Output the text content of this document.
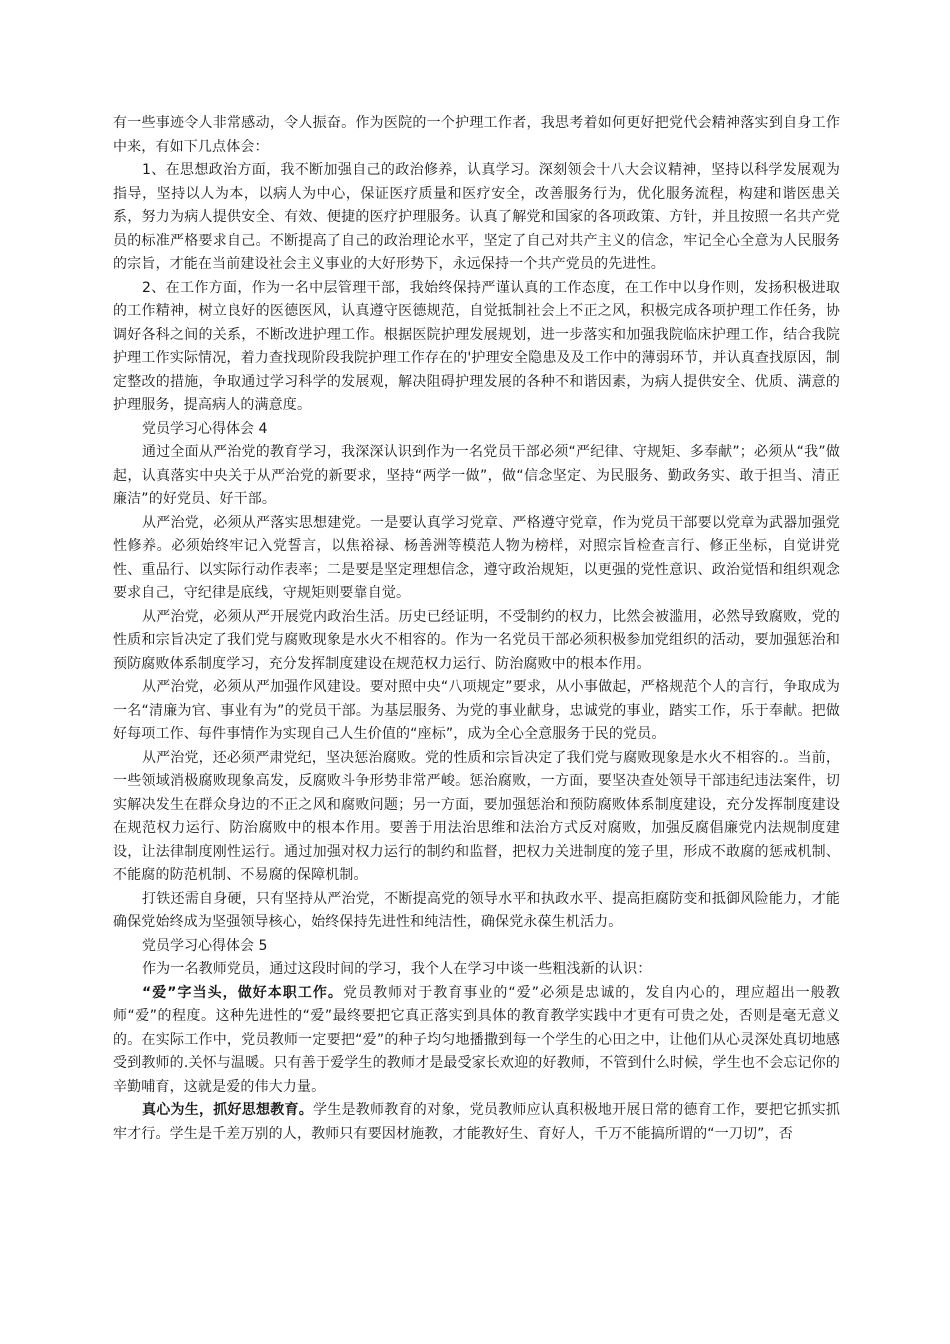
有一些事迹令人非常感动，令人振奋。作为医院的一个护理工作者，我思考着如何更好把党代会精神落实到自身工作中来，有如下几点体会：

1、在思想政治方面，我不断加强自己的政治修养，认真学习。深刻领会十八大会议精神，坚持以科学发展观为指导，坚持以人为本，以病人为中心，保证医疗质量和医疗安全，改善服务行为，优化服务流程，构建和谐医患关系，努力为病人提供安全、有效、便捷的医疗护理服务。认真了解党和国家的各项政策、方针，并且按照一名共产党员的标准严格要求自己。不断提高了自己的政治理论水平，坚定了自己对共产主义的信念，牢记全心全意为人民服务的宗旨，才能在当前建设社会主义事业的大好形势下，永远保持一个共产党员的先进性。

2、在工作方面，作为一名中层管理干部，我始终保持严谨认真的工作态度，在工作中以身作则，发扬积极进取的工作精神，树立良好的医德医风，认真遵守医德规范，自觉抵制社会上不正之风，积极完成各项护理工作任务，协调好各科之间的关系，不断改进护理工作。根据医院护理发展规划，进一步落实和加强我院临床护理工作，结合我院护理工作实际情况，着力查找现阶段我院护理工作存在的'护理安全隐患及及工作中的薄弱环节，并认真查找原因，制定整改的措施，争取通过学习科学的发展观，解决阻碍护理发展的各种不和谐因素，为病人提供安全、优质、满意的护理服务，提高病人的满意度。

党员学习心得体会 4

通过全面从严治党的教育学习，我深深认识到作为一名党员干部必须“严纪律、守规矩、多奉献”；必须从“我”做起，认真落实中央关于从严治党的新要求，坚持“两学一做”，做“信念坚定、为民服务、勤政务实、敢于担当、清正廉洁”的好党员、好干部。

从严治党，必须从严落实思想建党。一是要认真学习党章、严格遵守党章，作为党员干部要以党章为武器加强党性修养。必须始终牢记入党誓言，以焦裕禄、杨善洲等模范人物为榜样，对照宗旨检查言行、修正坐标，自觉讲党性、重品行、以实际行动作表率；二是要是坚定理想信念，遵守政治规矩，以更强的党性意识、政治觉悟和组织观念要求自己，守纪律是底线，守规矩则要靠自觉。

从严治党，必须从严开展党内政治生活。历史已经证明，不受制约的权力，比然会被滥用，必然导致腐败，党的性质和宗旨决定了我们党与腐败现象是水火不相容的。作为一名党员干部必须积极参加党组织的活动，要加强惩治和预防腐败体系制度学习，充分发挥制度建设在规范权力运行、防治腐败中的根本作用。

从严治党，必须从严加强作风建设。要对照中央“八项规定”要求，从小事做起，严格规范个人的言行，争取成为一名“清廉为官、事业有为”的党员干部。为基层服务、为党的事业献身，忠诚党的事业，踏实工作，乐于奉献。把做好每项工作、每件事情作为实现自己人生价值的“座标”，成为全心全意服务于民的党员。

从严治党，还必须严肃党纪，坚决惩治腐败。党的性质和宗旨决定了我们党与腐败现象是水火不相容的.。当前，一些领域消极腐败现象高发，反腐败斗争形势非常严峻。惩治腐败，一方面，要坚决查处领导干部违纪违法案件，切实解决发生在群众身边的不正之风和腐败问题；另一方面，要加强惩治和预防腐败体系制度建设，充分发挥制度建设在规范权力运行、防治腐败中的根本作用。要善于用法治思维和法治方式反对腐败，加强反腐倡廉党内法规制度建设，让法律制度刚性运行。通过加强对权力运行的制约和监督，把权力关进制度的笼子里，形成不敢腐的惩戒机制、不能腐的防范机制、不易腐的保障机制。

打铁还需自身硬，只有坚持从严治党，不断提高党的领导水平和执政水平、提高拒腐防变和抵御风险能力，才能确保党始终成为坚强领导核心，始终保持先进性和纯洁性，确保党永葆生机活力。

党员学习心得体会 5

作为一名教师党员，通过这段时间的学习，我个人在学习中谈一些粗浅新的认识：

“爱”字当头，做好本职工作。党员教师对于教育事业的“爱”必须是忠诚的，发自内心的，理应超出一般教师“爱”的程度。这种先进性的“爱”最终要把它真正落实到具体的教育教学实践中才更有可贵之处，否则是毫无意义的。在实际工作中，党员教师一定要把“爱”的种子均匀地播撒到每一个学生的心田之中，让他们从心灵深处真切地感受到教师的.关怀与温暖。只有善于爱学生的教师才是最受家长欢迎的好教师，不管到什么时候，学生也不会忘记你的辛勤哺育，这就是爱的伟大力量。

真心为生，抓好思想教育。学生是教师教育的对象，党员教师应认真积极地开展日常的德育工作，要把它抓实抓牢才行。学生是千差万别的人，教师只有要因材施教，才能教好生、育好人，千万不能搞所谓的“一刀切”，否
